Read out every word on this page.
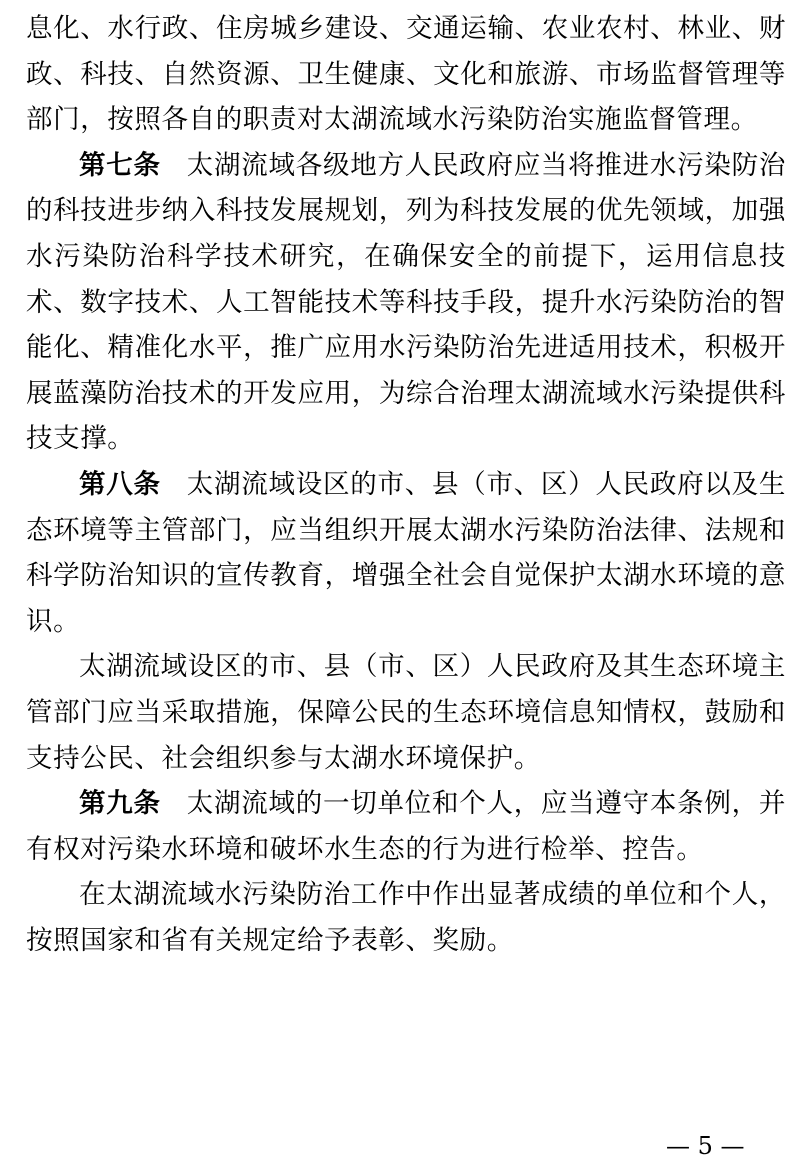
息化、水行政、住房城乡建设、交通运输、农业农村、林业、财政、科技、自然资源、卫生健康、文化和旅游、市场监督管理等部门，按照各自的职责对太湖流域水污染防治实施监督管理。

第七条 太湖流域各级地方人民政府应当将推进水污染防治的科技进步纳入科技发展规划，列为科技发展的优先领域，加强水污染防治科学技术研究，在确保安全的前提下，运用信息技术、数字技术、人工智能技术等科技手段，提升水污染防治的智能化、精准化水平，推广应用水污染防治先进适用技术，积极开展蓝藻防治技术的开发应用，为综合治理太湖流域水污染提供科技支撑。

第八条 太湖流域设区的市、县（市、区）人民政府以及生态环境等主管部门，应当组织开展太湖水污染防治法律、法规和科学防治知识的宣传教育，增强全社会自觉保护太湖水环境的意识。

太湖流域设区的市、县（市、区）人民政府及其生态环境主管部门应当采取措施，保障公民的生态环境信息知情权，鼓励和支持公民、社会组织参与太湖水环境保护。

第九条 太湖流域的一切单位和个人，应当遵守本条例，并有权对污染水环境和破坏水生态的行为进行检举、控告。

在太湖流域水污染防治工作中作出显著成绩的单位和个人，按照国家和省有关规定给予表彰、奖励。

— 5 —
